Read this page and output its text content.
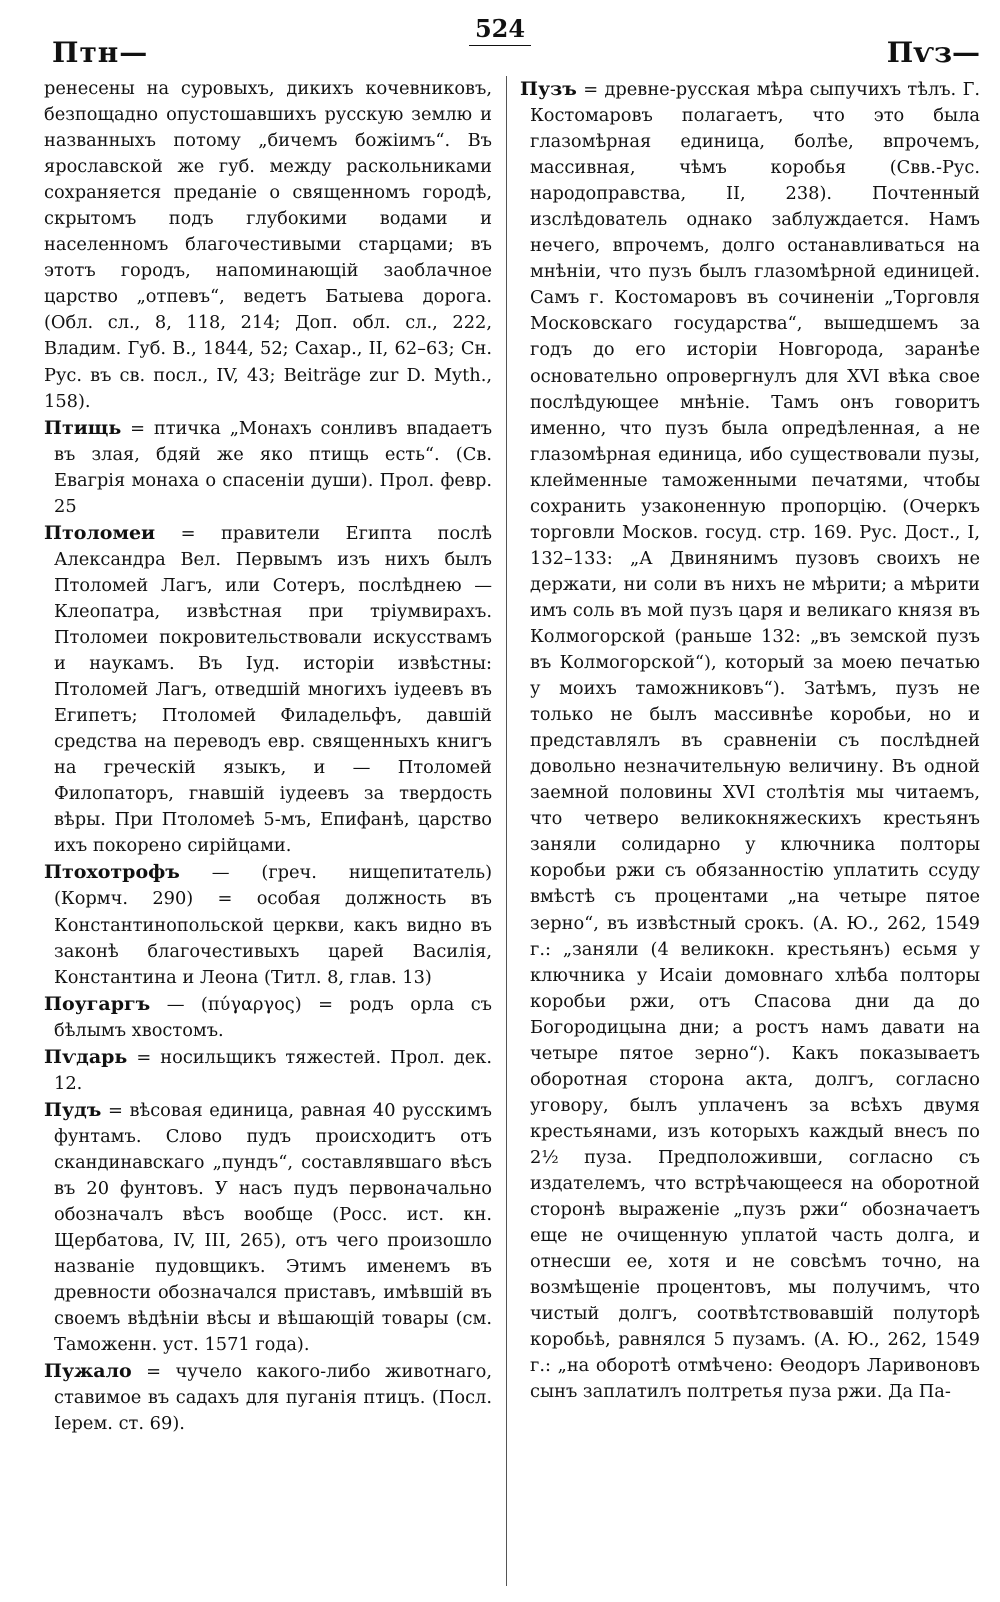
Птн—
524
Пѵз—

ренесены на суровыхъ, дикихъ кочевниковъ, безпощадно опустошавшихъ русскую землю и названныхъ потому „бичемъ божіимъ“. Въ ярославской же губ. между раскольниками сохраняется преданіе о священномъ городѣ, скрытомъ подъ глубокими водами и населенномъ благочестивыми старцами; въ этотъ городъ, напоминающій заоблачное царство „отпевъ“, ведетъ Батыева дорога. (Обл. сл., 8, 118, 214; Доп. обл. сл., 222, Владим. Губ. В., 1844, 52; Сахар., II, 62–63; Сн. Рус. въ св. посл., IV, 43; Beiträge zur D. Myth., 158).

Птищь = птичка „Монахъ сонливъ впадаетъ въ злая, бдяй же яко птищь есть“. (Св. Евагрія монаха о спасеніи души). Прол. февр. 25

Птоломеи = правители Египта послѣ Александра Вел. Первымъ изъ нихъ былъ Птоломей Лагъ, или Сотеръ, послѣднею — Клеопатра, извѣстная при тріумвирахъ. Птоломеи покровительствовали искусствамъ и наукамъ. Въ Іуд. исторіи извѣстны: Птоломей Лагъ, отведшій многихъ іудеевъ въ Египетъ; Птоломей Филадельфъ, давшій средства на переводъ евр. священныхъ книгъ на греческій языкъ, и — Птоломей Филопаторъ, гнавшій іудеевъ за твердость вѣры. При Птоломеѣ 5-мъ, Епифанѣ, царство ихъ покорено сирійцами.

Птохотрофъ — (греч. нищепитатель) (Кормч. 290) = особая должность въ Константинопольской церкви, какъ видно въ законѣ благочестивыхъ царей Василія, Константина и Леона (Титл. 8, глав. 13)

Поугаргъ — (πύγαργος) = родъ орла съ бѣлымъ хвостомъ.

Пѵдарь = носильщикъ тяжестей. Прол. дек. 12.

Пудъ = вѣсовая единица, равная 40 русскимъ фунтамъ. Слово пудъ происходитъ отъ скандинавскаго „пундъ“, составлявшаго вѣсъ въ 20 фунтовъ. У насъ пудъ первоначально обозначалъ вѣсъ вообще (Росс. ист. кн. Щербатова, IV, III, 265), отъ чего произошло названіе пудовщикъ. Этимъ именемъ въ древности обозначался приставъ, имѣвшій въ своемъ вѣдѣніи вѣсы и вѣшающій товары (см. Таможенн. уст. 1571 года).

Пужало = чучело какого-либо животнаго, ставимое въ садахъ для пуганія птицъ. (Посл. Іерем. ст. 69).

Пузъ = древне-русская мѣра сыпучихъ тѣлъ. Г. Костомаровъ полагаетъ, что это была глазомѣрная единица, болѣе, впрочемъ, массивная, чѣмъ коробья (Свв.-Рус. народоправства, II, 238). Почтенный изслѣдователь однако заблуждается. Намъ нечего, впрочемъ, долго останавливаться на мнѣніи, что пузъ былъ глазомѣрной единицей. Самъ г. Костомаровъ въ сочиненіи „Торговля Московскаго государства“, вышедшемъ за годъ до его исторіи Новгорода, заранѣе основательно опровергнулъ для XVI вѣка свое послѣдующее мнѣніе. Тамъ онъ говоритъ именно, что пузъ была опредѣленная, а не глазомѣрная единица, ибо существовали пузы, клейменные таможенными печатями, чтобы сохранить узаконенную пропорцію. (Очеркъ торговли Москов. госуд. стр. 169. Рус. Дост., I, 132–133: „А Двинянимъ пузовъ своихъ не держати, ни соли въ нихъ не мѣрити; а мѣрити имъ соль въ мой пузъ царя и великаго князя въ Колмогорской (раньше 132: „въ земской пузъ въ Колмогорской“), который за моею печатью у моихъ таможниковъ“). Затѣмъ, пузъ не только не былъ массивнѣе коробьи, но и представлялъ въ сравненіи съ послѣдней довольно незначительную величину. Въ одной заемной половины XVI столѣтія мы читаемъ, что четверо великокняжескихъ крестьянъ заняли солидарно у ключника полторы коробьи ржи съ обязанностію уплатить ссуду вмѣстѣ съ процентами „на четыре пятое зерно“, въ извѣстный срокъ. (А. Ю., 262, 1549 г.: „заняли (4 великокн. крестьянъ) есьмя у ключника у Исаіи домовнаго хлѣба полторы коробьи ржи, отъ Спасова дни да до Богородицына дни; а ростъ намъ давати на четыре пятое зерно“). Какъ показываетъ оборотная сторона акта, долгъ, согласно уговору, былъ уплаченъ за всѣхъ двумя крестьянами, изъ которыхъ каждый внесъ по 2½ пуза. Предположивши, согласно съ издателемъ, что встрѣчающееся на оборотной сторонѣ выраженіе „пузъ ржи“ обозначаетъ еще не очищенную уплатой часть долга, и отнесши ее, хотя и не совсѣмъ точно, на возмѣщеніе процентовъ, мы получимъ, что чистый долгъ, соотвѣтствовавшій полуторѣ коробьѣ, равнялся 5 пузамъ. (А. Ю., 262, 1549 г.: „на оборотѣ отмѣчено: Өеодоръ Ларивоновъ сынъ заплатилъ полтретья пуза ржи. Да Па-
